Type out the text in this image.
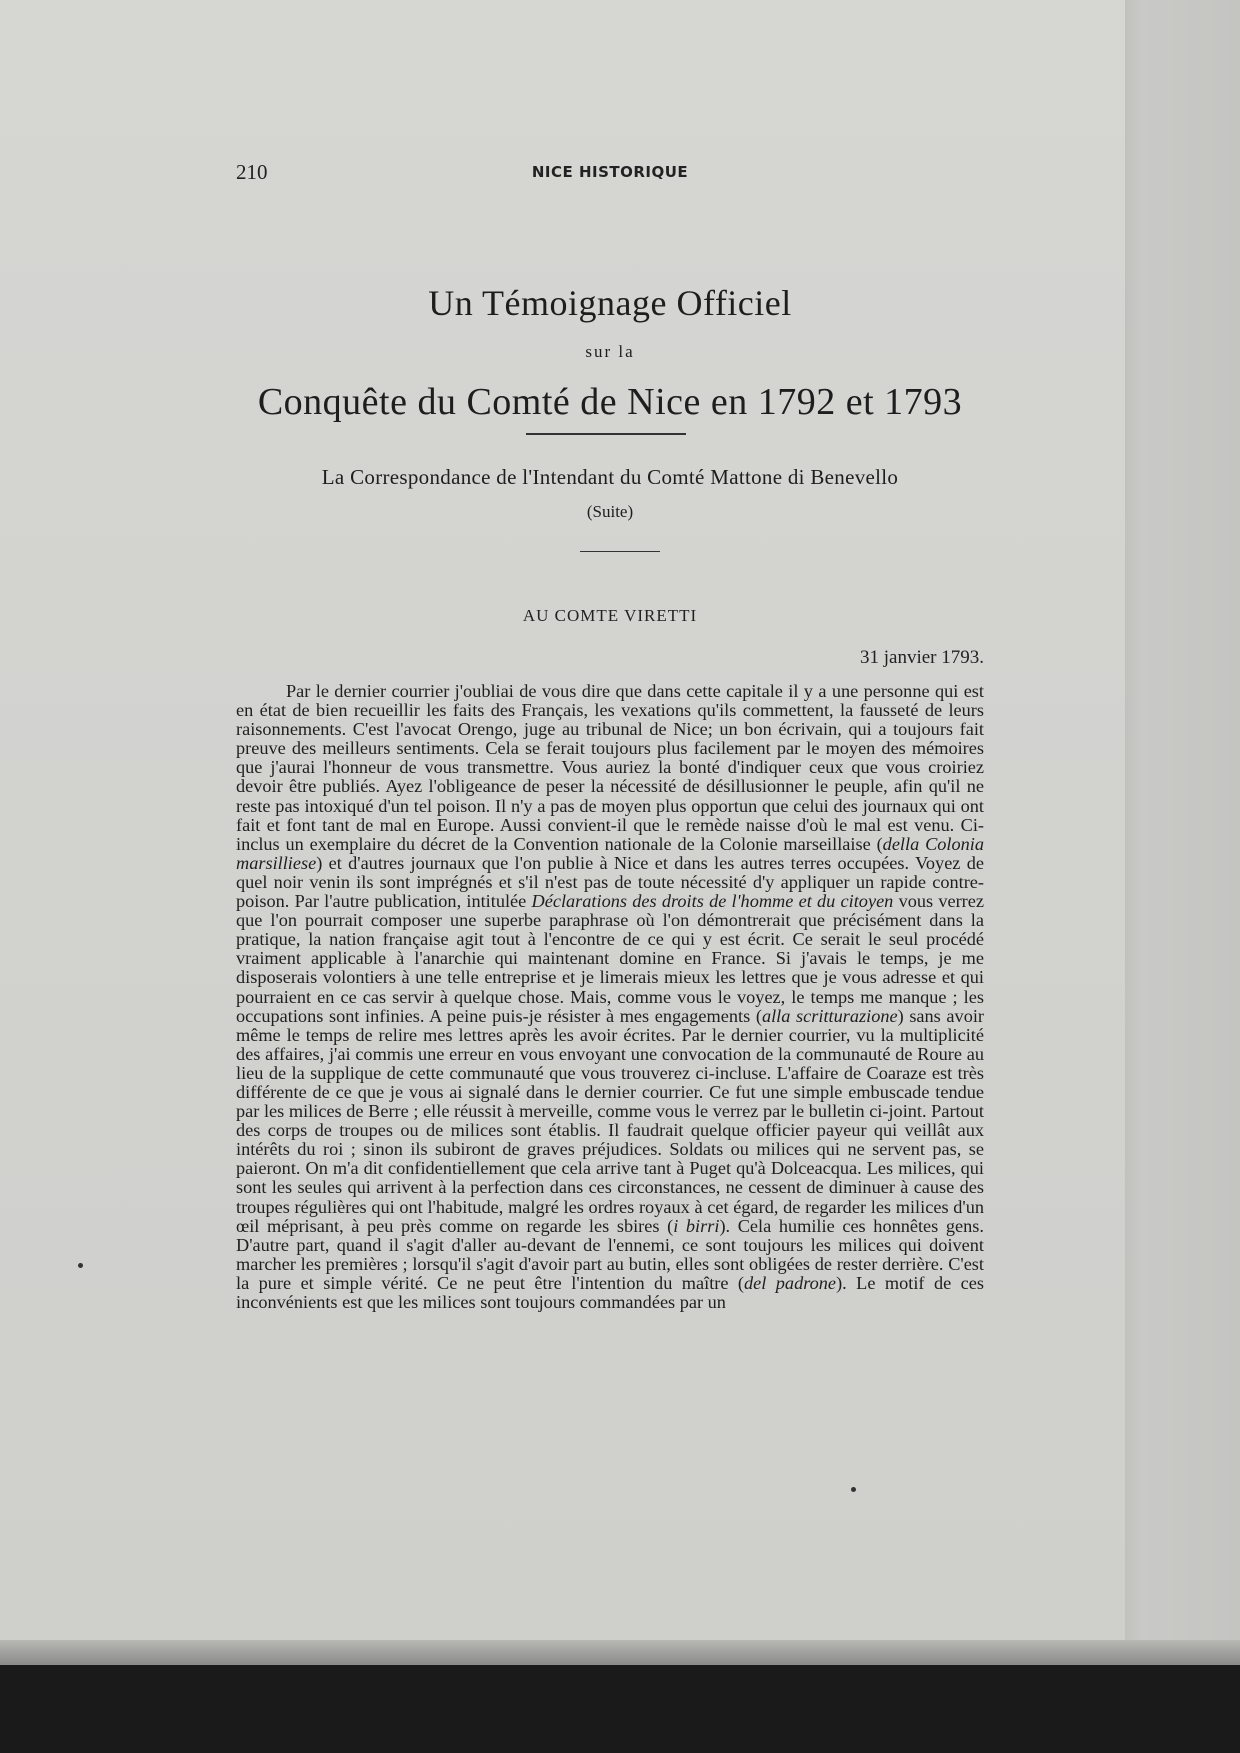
210	NICE HISTORIQUE
Un Témoignage Officiel
sur la
Conquête du Comté de Nice en 1792 et 1793
La Correspondance de l'Intendant du Comté Mattone di Benevello
(Suite)
AU COMTE VIRETTI
31 janvier 1793.
Par le dernier courrier j'oubliai de vous dire que dans cette capitale il y a une personne qui est en état de bien recueillir les faits des Français, les vexations qu'ils commettent, la fausseté de leurs raisonnements. C'est l'avocat Orengo, juge au tribunal de Nice; un bon écrivain, qui a toujours fait preuve des meilleurs sentiments. Cela se ferait toujours plus facilement par le moyen des mémoires que j'aurai l'honneur de vous transmettre. Vous auriez la bonté d'indiquer ceux que vous croiriez devoir être publiés. Ayez l'obligeance de peser la nécessité de désillusionner le peuple, afin qu'il ne reste pas intoxiqué d'un tel poison. Il n'y a pas de moyen plus opportun que celui des journaux qui ont fait et font tant de mal en Europe. Aussi convient-il que le remède naisse d'où le mal est venu. Ci-inclus un exemplaire du décret de la Convention nationale de la Colonie marseillaise (della Colonia marsilliese) et d'autres journaux que l'on publie à Nice et dans les autres terres occupées. Voyez de quel noir venin ils sont imprégnés et s'il n'est pas de toute nécessité d'y appliquer un rapide contre-poison. Par l'autre publication, intitulée Déclarations des droits de l'homme et du citoyen vous verrez que l'on pourrait composer une superbe paraphrase où l'on démontrerait que précisément dans la pratique, la nation française agit tout à l'encontre de ce qui y est écrit. Ce serait le seul procédé vraiment applicable à l'anarchie qui maintenant domine en France. Si j'avais le temps, je me disposerais volontiers à une telle entreprise et je limerais mieux les lettres que je vous adresse et qui pourraient en ce cas servir à quelque chose. Mais, comme vous le voyez, le temps me manque ; les occupations sont infinies. A peine puis-je résister à mes engagements (alla scritturazione) sans avoir même le temps de relire mes lettres après les avoir écrites. Par le dernier courrier, vu la multiplicité des affaires, j'ai commis une erreur en vous envoyant une convocation de la communauté de Roure au lieu de la supplique de cette communauté que vous trouverez ci-incluse. L'affaire de Coaraze est très différente de ce que je vous ai signalé dans le dernier courrier. Ce fut une simple embuscade tendue par les milices de Berre ; elle réussit à merveille, comme vous le verrez par le bulletin ci-joint. Partout des corps de troupes ou de milices sont établis. Il faudrait quelque officier payeur qui veillât aux intérêts du roi ; sinon ils subiront de graves préjudices. Soldats ou milices qui ne servent pas, se paieront. On m'a dit confidentiellement que cela arrive tant à Puget qu'à Dolceacqua. Les milices, qui sont les seules qui arrivent à la perfection dans ces circonstances, ne cessent de diminuer à cause des troupes régulières qui ont l'habitude, malgré les ordres royaux à cet égard, de regarder les milices d'un œil méprisant, à peu près comme on regarde les sbires (i birri). Cela humilie ces honnêtes gens. D'autre part, quand il s'agit d'aller au-devant de l'ennemi, ce sont toujours les milices qui doivent marcher les premières ; lorsqu'il s'agit d'avoir part au butin, elles sont obligées de rester derrière. C'est la pure et simple vérité. Ce ne peut être l'intention du maître (del padrone). Le motif de ces inconvénients est que les milices sont toujours commandées par un
